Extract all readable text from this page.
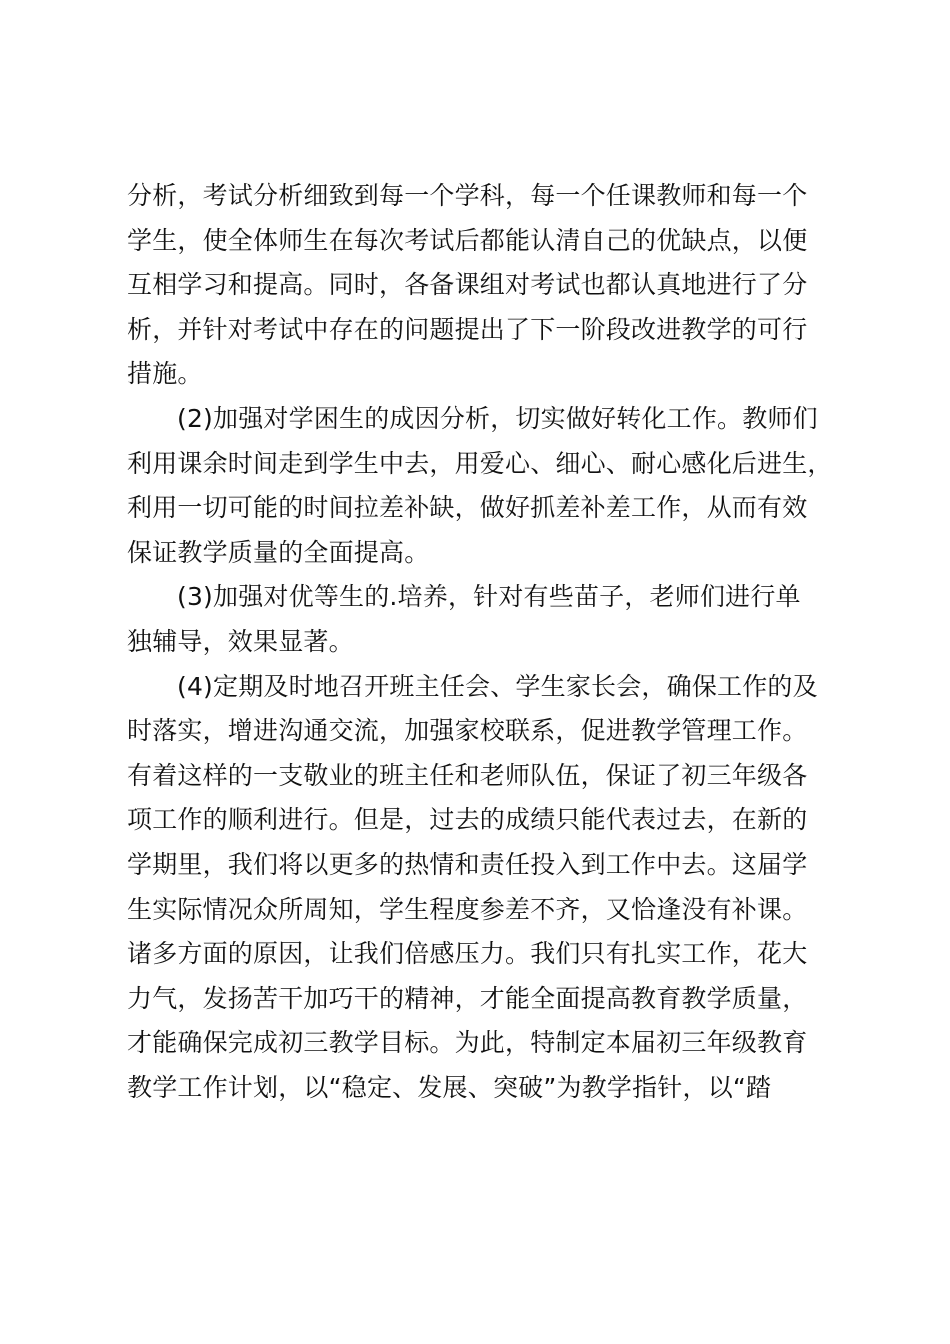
分析，考试分析细致到每一个学科，每一个任课教师和每一个
学生，使全体师生在每次考试后都能认清自己的优缺点，以便
互相学习和提高。同时，各备课组对考试也都认真地进行了分
析，并针对考试中存在的问题提出了下一阶段改进教学的可行
措施。
(2)加强对学困生的成因分析，切实做好转化工作。教师们
利用课余时间走到学生中去，用爱心、细心、耐心感化后进生，
利用一切可能的时间拉差补缺，做好抓差补差工作，从而有效
保证教学质量的全面提高。
(3)加强对优等生的.培养，针对有些苗子，老师们进行单
独辅导，效果显著。
(4)定期及时地召开班主任会、学生家长会，确保工作的及
时落实，增进沟通交流，加强家校联系，促进教学管理工作。
有着这样的一支敬业的班主任和老师队伍，保证了初三年级各
项工作的顺利进行。但是，过去的成绩只能代表过去，在新的
学期里，我们将以更多的热情和责任投入到工作中去。这届学
生实际情况众所周知，学生程度参差不齐，又恰逢没有补课。
诸多方面的原因，让我们倍感压力。我们只有扎实工作，花大
力气，发扬苦干加巧干的精神，才能全面提高教育教学质量，
才能确保完成初三教学目标。为此，特制定本届初三年级教育
教学工作计划，以“稳定、发展、突破”为教学指针，以“踏
